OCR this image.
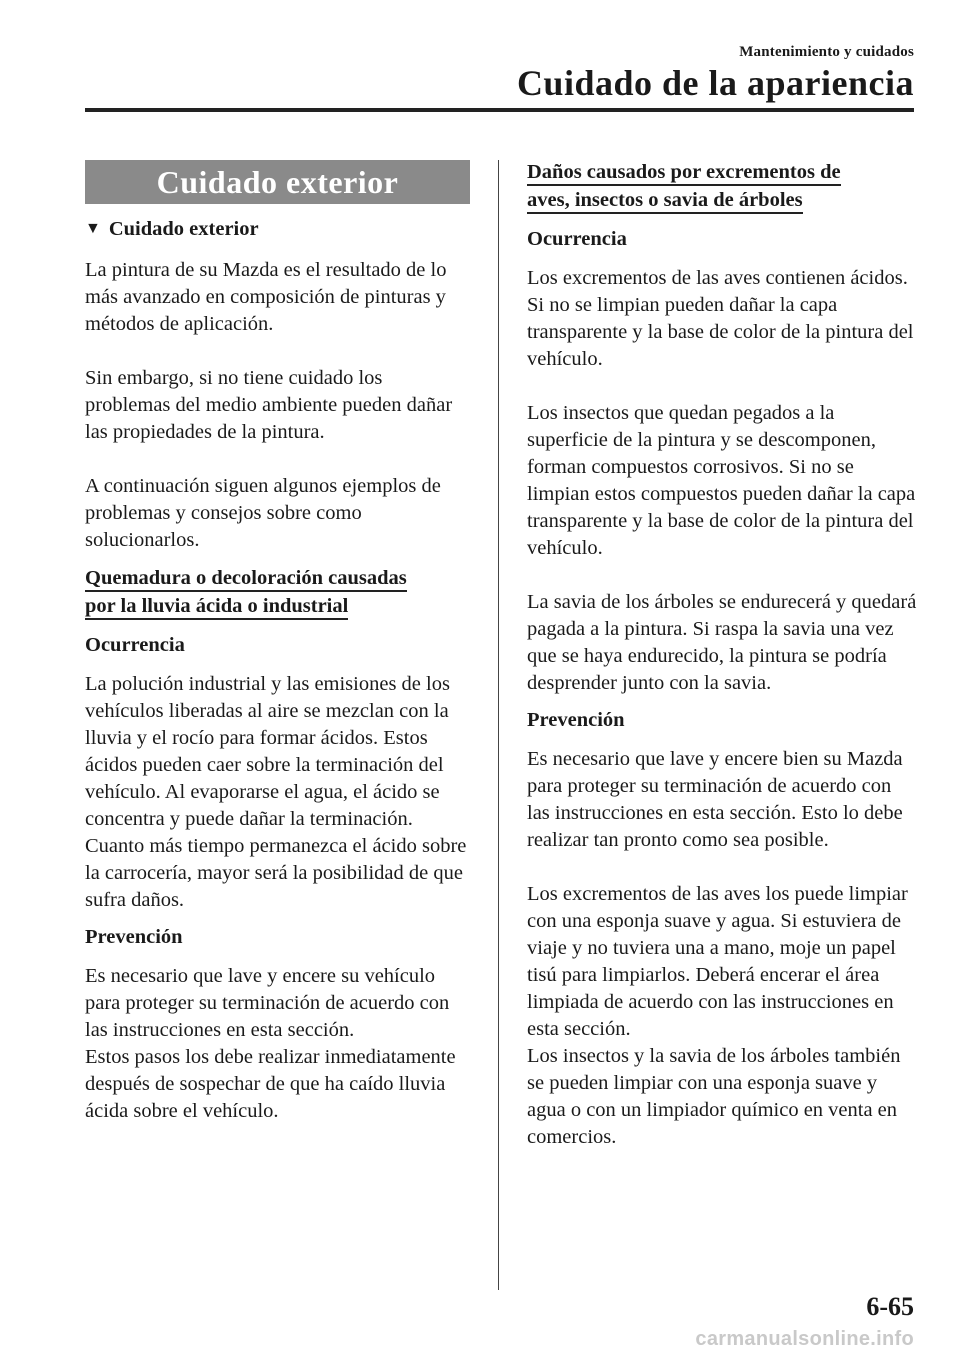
Mantenimiento y cuidados
Cuidado de la apariencia
Cuidado exterior
▼ Cuidado exterior

La pintura de su Mazda es el resultado de lo más avanzado en composición de pinturas y métodos de aplicación.

Sin embargo, si no tiene cuidado los problemas del medio ambiente pueden dañar las propiedades de la pintura.

A continuación siguen algunos ejemplos de problemas y consejos sobre como solucionarlos.

Quemadura o decoloración causadas
por la lluvia ácida o industrial
Ocurrencia

La polución industrial y las emisiones de los vehículos liberadas al aire se mezclan con la lluvia y el rocío para formar ácidos. Estos ácidos pueden caer sobre la terminación del vehículo. Al evaporarse el agua, el ácido se concentra y puede dañar la terminación.

Cuanto más tiempo permanezca el ácido sobre la carrocería, mayor será la posibilidad de que sufra daños.

Prevención

Es necesario que lave y encere su vehículo para proteger su terminación de acuerdo con las instrucciones en esta sección.

Estos pasos los debe realizar inmediatamente después de sospechar de que ha caído lluvia ácida sobre el vehículo.

Daños causados por excrementos de
aves, insectos o savia de árboles
Ocurrencia

Los excrementos de las aves contienen ácidos. Si no se limpian pueden dañar la capa transparente y la base de color de la pintura del vehículo.

Los insectos que quedan pegados a la superficie de la pintura y se descomponen, forman compuestos corrosivos. Si no se limpian estos compuestos pueden dañar la capa transparente y la base de color de la pintura del vehículo.

La savia de los árboles se endurecerá y quedará pagada a la pintura. Si raspa la savia una vez que se haya endurecido, la pintura se podría desprender junto con la savia.

Prevención

Es necesario que lave y encere bien su Mazda para proteger su terminación de acuerdo con las instrucciones en esta sección. Esto lo debe realizar tan pronto como sea posible.

Los excrementos de las aves los puede limpiar con una esponja suave y agua. Si estuviera de viaje y no tuviera una a mano, moje un papel tisú para limpiarlos. Deberá encerar el área limpiada de acuerdo con las instrucciones en esta sección.

Los insectos y la savia de los árboles también se pueden limpiar con una esponja suave y agua o con un limpiador químico en venta en comercios.

6-65
carmanualsonline.info
